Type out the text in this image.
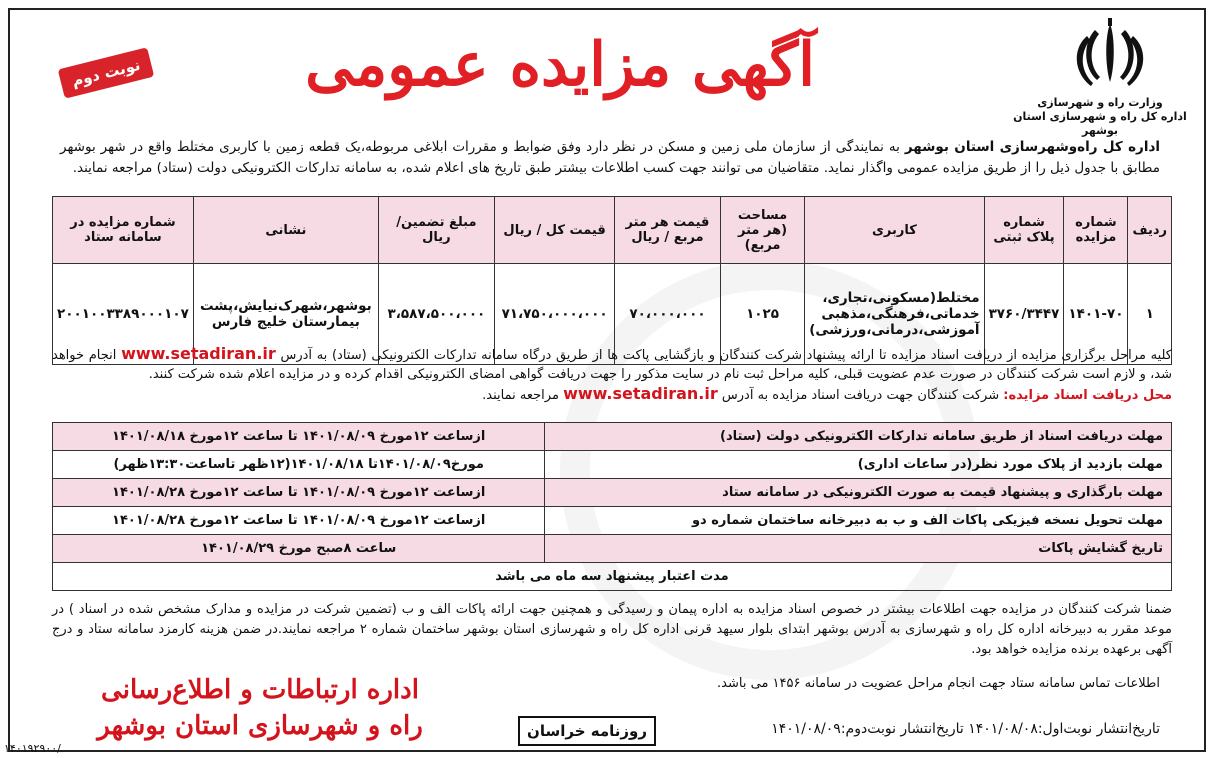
وزارت راه و شهرسازی
اداره کل راه و شهرسازی استان بوشهر
آگهی مزایده عمومی
نوبت دوم
اداره کل راه‌وشهرسازی استان بوشهر به نمایندگی از سازمان ملی زمین و مسکن در نظر دارد وفق ضوابط و مقررات ابلاغی مربوطه،یک قطعه زمین با کاربری مختلط واقع در شهر بوشهر مطابق با جدول ذیل را از طریق مزایده عمومی واگذار نماید. متقاضیان می توانند جهت کسب اطلاعات بیشتر طبق تاریخ های اعلام شده، به سامانه تدارکات الکترونیکی دولت (ستاد) مراجعه نمایند.
ردیف	شماره مزایده	شماره پلاک ثبتی	کاربری	مساحت (هر متر مربع)	قیمت هر متر مربع / ریال	قیمت کل / ریال	مبلغ تضمین/ریال	نشانی	شماره مزایده در سامانه ستاد
۱	۱۴۰۱-۷۰	۳۷۶۰/۳۴۴۷	مختلط(مسکونی،تجاری، خدماتی،فرهنگی،مذهبی آموزشی،درمانی،ورزشی)	۱۰۲۵	۷۰،۰۰۰،۰۰۰	۷۱،۷۵۰،۰۰۰،۰۰۰	۳،۵۸۷،۵۰۰،۰۰۰	بوشهر،شهرک‌نیایش،پشت بیمارستان خلیج فارس	۲۰۰۱۰۰۳۳۸۹۰۰۰۱۰۷
کلیه مراحل برگزاری مزایده از دریافت اسناد مزایده تا ارائه پیشنهاد شرکت کنندگان و بازگشایی پاکت ها از طریق درگاه سامانه تدارکات الکترونیکی (ستاد) به آدرس www.setadiran.ir انجام خواهد شد، و لازم است شرکت کنندگان در صورت عدم عضویت قبلی، کلیه مراحل ثبت نام در سایت مذکور را جهت دریافت گواهی امضای الکترونیکی اقدام کرده و در مزایده اعلام شده شرکت کنند.
محل دریافت اسناد مزایده: شرکت کنندگان جهت دریافت اسناد مزایده به آدرس www.setadiran.ir مراجعه نمایند.
مهلت دریافت اسناد از طریق سامانه تدارکات الکترونیکی دولت (ستاد)	ازساعت ۱۲مورخ ۱۴۰۱/۰۸/۰۹ تا ساعت ۱۲مورخ ۱۴۰۱/۰۸/۱۸
مهلت بازدید از پلاک مورد نظر(در ساعات اداری)	مورخ۱۴۰۱/۰۸/۰۹تا ۱۴۰۱/۰۸/۱۸(۱۲ظهر تاساعت۱۳:۳۰ظهر)
مهلت بارگذاری و پیشنهاد قیمت به صورت الکترونیکی در سامانه ستاد	ازساعت ۱۲مورخ ۱۴۰۱/۰۸/۰۹ تا ساعت ۱۲مورخ ۱۴۰۱/۰۸/۲۸
مهلت تحویل نسخه فیزیکی پاکات الف و ب به دبیرخانه ساختمان شماره دو	ازساعت ۱۲مورخ ۱۴۰۱/۰۸/۰۹ تا ساعت ۱۲مورخ ۱۴۰۱/۰۸/۲۸
تاریخ گشایش پاکات	ساعت ۸صبح مورخ ۱۴۰۱/۰۸/۲۹
مدت اعتبار پیشنهاد سه ماه می باشد	
ضمنا شرکت کنندگان در مزایده جهت اطلاعات بیشتر در خصوص اسناد مزایده به اداره پیمان و رسیدگی و همچنین جهت ارائه پاکات الف و ب (تضمین شرکت در مزایده و مدارک مشخص شده در اسناد ) در موعد مقرر به دبیرخانه اداره کل راه و شهرسازی به آدرس بوشهر ابتدای بلوار سیهد قرنی اداره کل راه و شهرسازی استان بوشهر ساختمان شماره ۲ مراجعه نمایند.در ضمن هزینه کارمزد سامانه ستاد و درج آگهی برعهده برنده مزایده خواهد بود.
اطلاعات تماس سامانه ستاد جهت انجام مراحل عضویت در سامانه ۱۴۵۶ می باشد.
اداره ارتباطات و اطلاع‌رسانی
راه و شهرسازی استان بوشهر	روزنامه خراسان	تاریخ‌انتشار نوبت‌اول:۱۴۰۱/۰۸/۰۸ تاریخ‌انتشار نوبت‌دوم:۱۴۰۱/۰۸/۰۹
۱۴۰۱۹۲۹۰۰/
